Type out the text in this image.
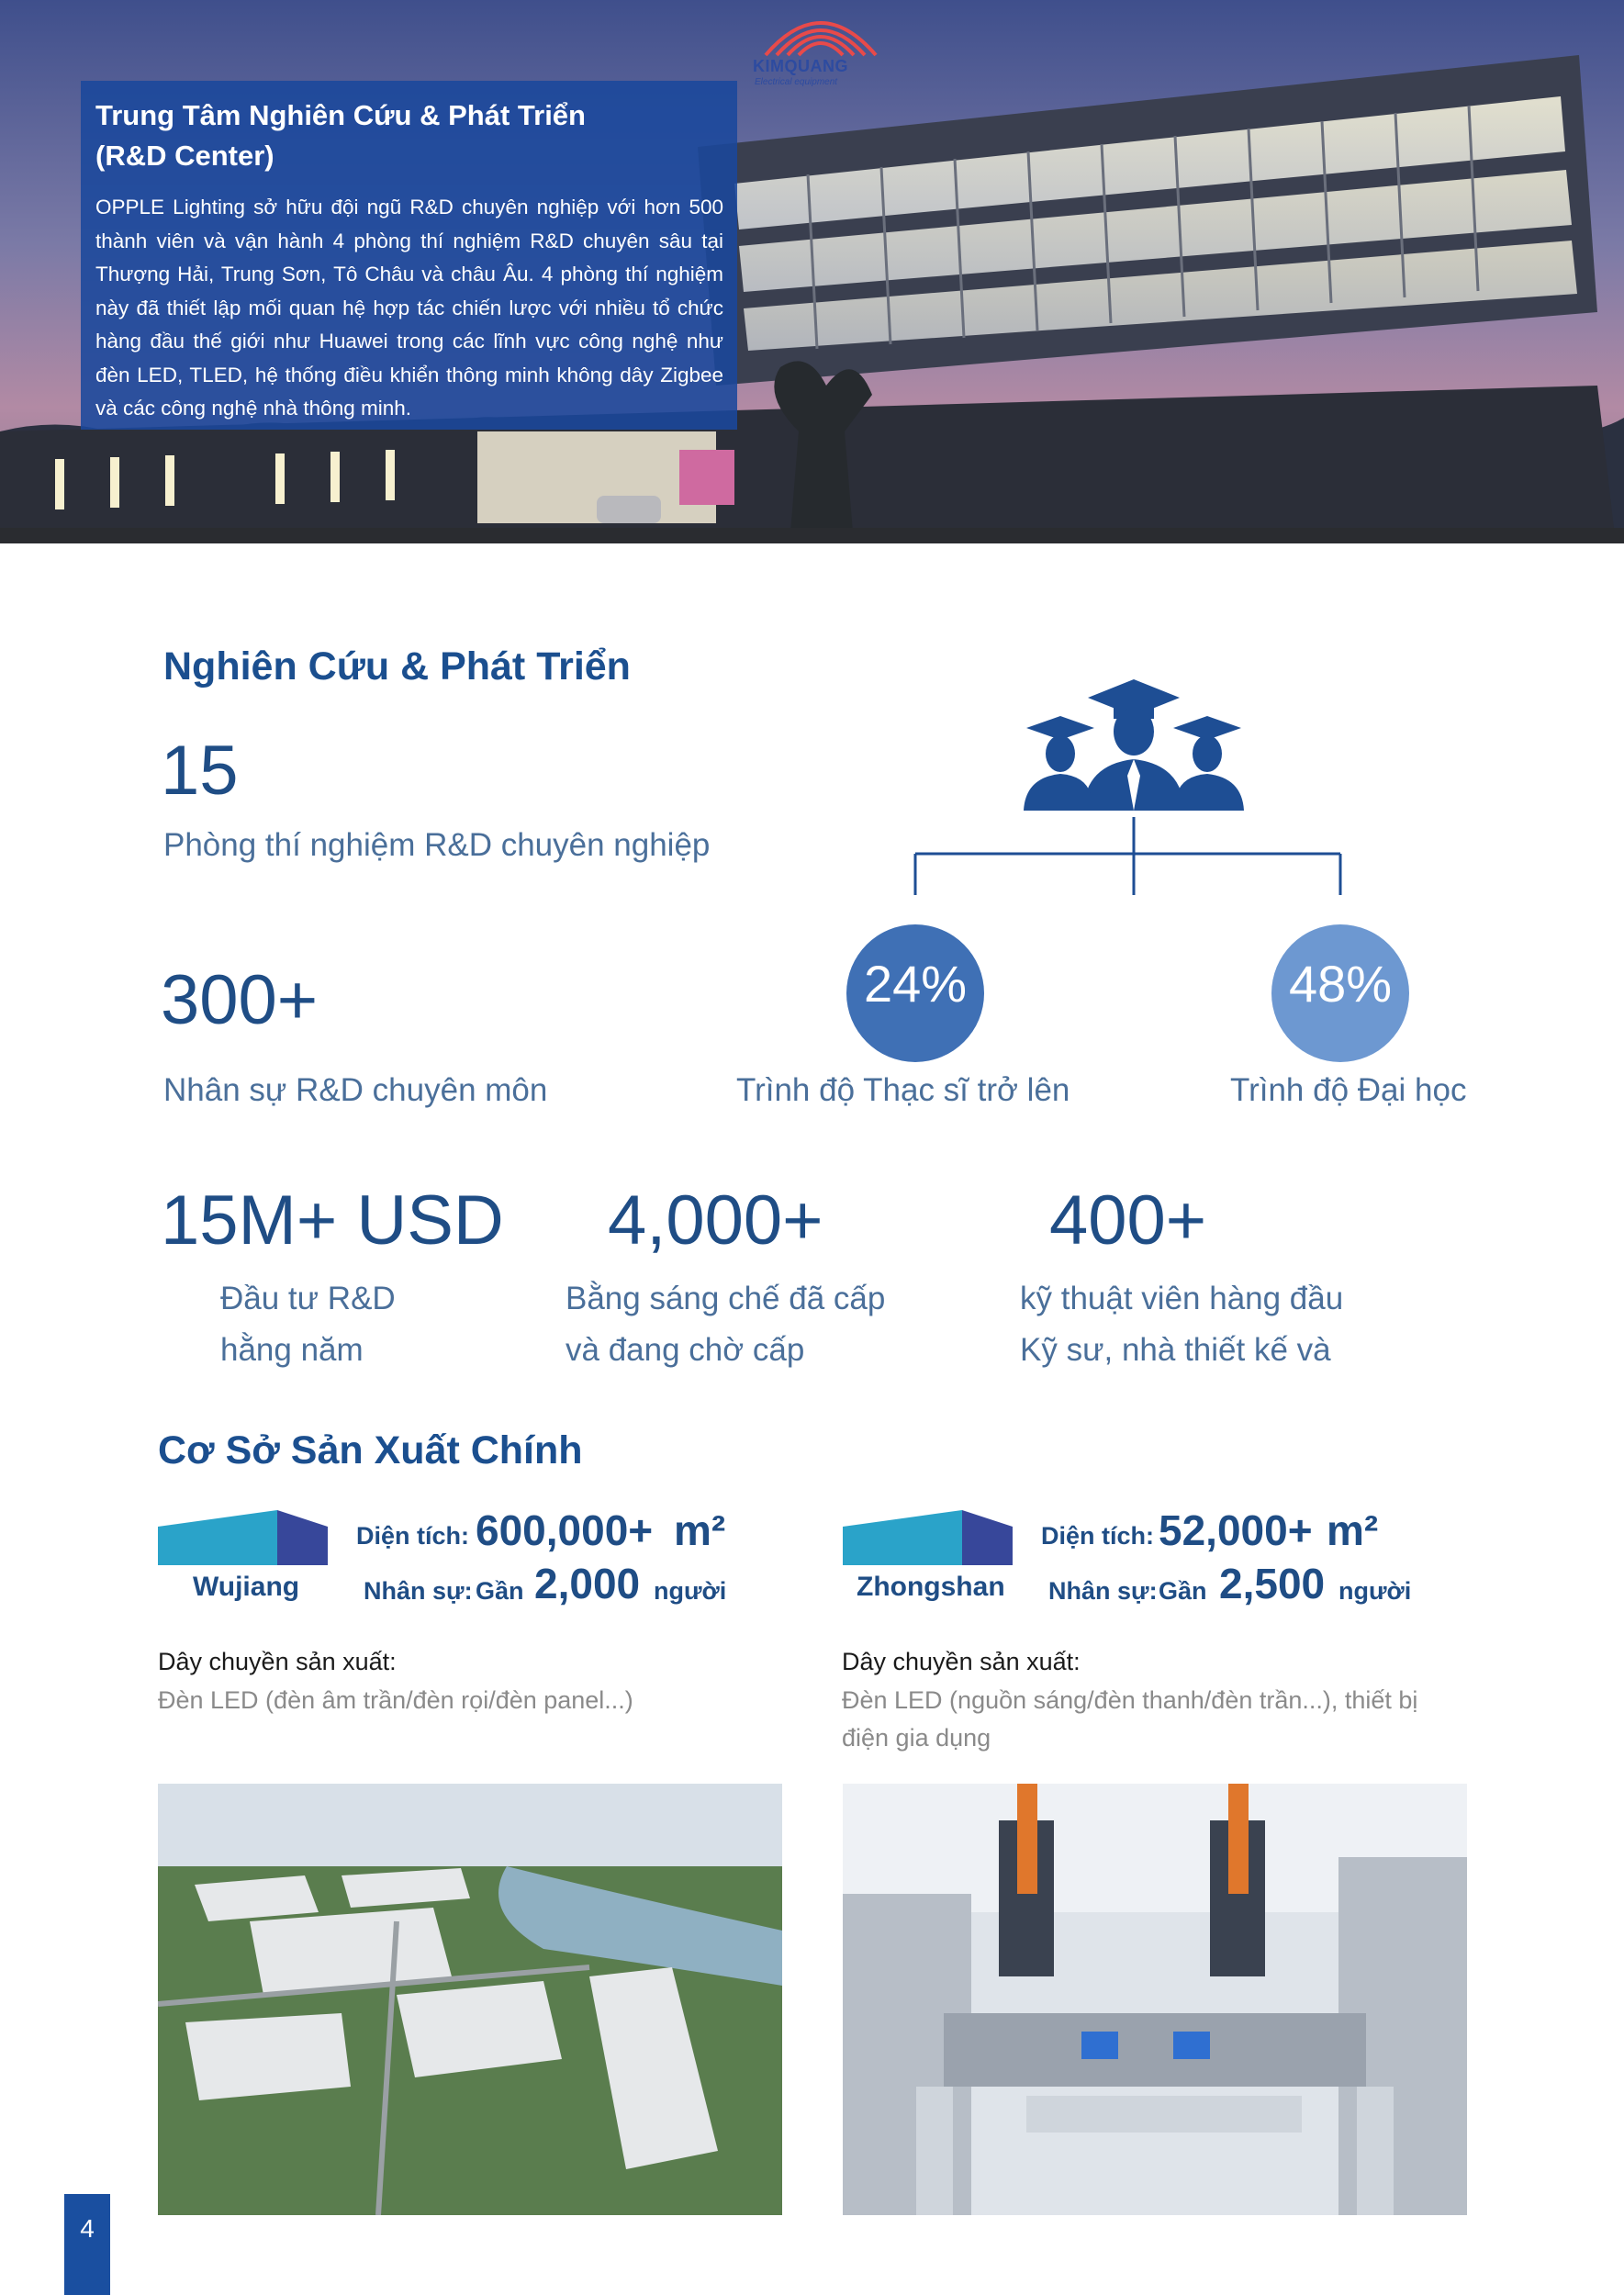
KIMQUANG
Electrical equipment
Trung Tâm Nghiên Cứu & Phát Triển
(R&D Center)
OPPLE Lighting sở hữu đội ngũ R&D chuyên nghiệp với hơn 500 thành viên và vận hành 4 phòng thí nghiệm R&D chuyên sâu tại Thượng Hải, Trung Sơn, Tô Châu và châu Âu. 4 phòng thí nghiệm này đã thiết lập mối quan hệ hợp tác chiến lược với nhiều tổ chức hàng đầu thế giới như Huawei trong các lĩnh vực công nghệ như đèn LED, TLED, hệ thống điều khiển thông minh không dây Zigbee và các công nghệ nhà thông minh.
Nghiên Cứu & Phát Triển
15
Phòng thí nghiệm R&D chuyên nghiệp
300+
Nhân sự R&D chuyên môn
24%
Trình độ Thạc sĩ trở lên
48%
Trình độ Đại học
15M+ USD
Đầu tư R&D
hằng năm
4,000+
Bằng sáng chế đã cấp
và đang chờ cấp
400+
kỹ thuật viên hàng đầu
Kỹ sư, nhà thiết kế và
Cơ Sở Sản Xuất Chính
Wujiang
Diện tích: 600,000+ m²
Nhân sự: Gần 2,000 người
Dây chuyền sản xuất:
Đèn LED (đèn âm trần/đèn rọi/đèn panel...)
Zhongshan
Diện tích: 52,000+ m²
Nhân sự: Gần 2,500 người
Dây chuyền sản xuất:
Đèn LED (nguồn sáng/đèn thanh/đèn trần...), thiết bị
điện gia dụng
4
